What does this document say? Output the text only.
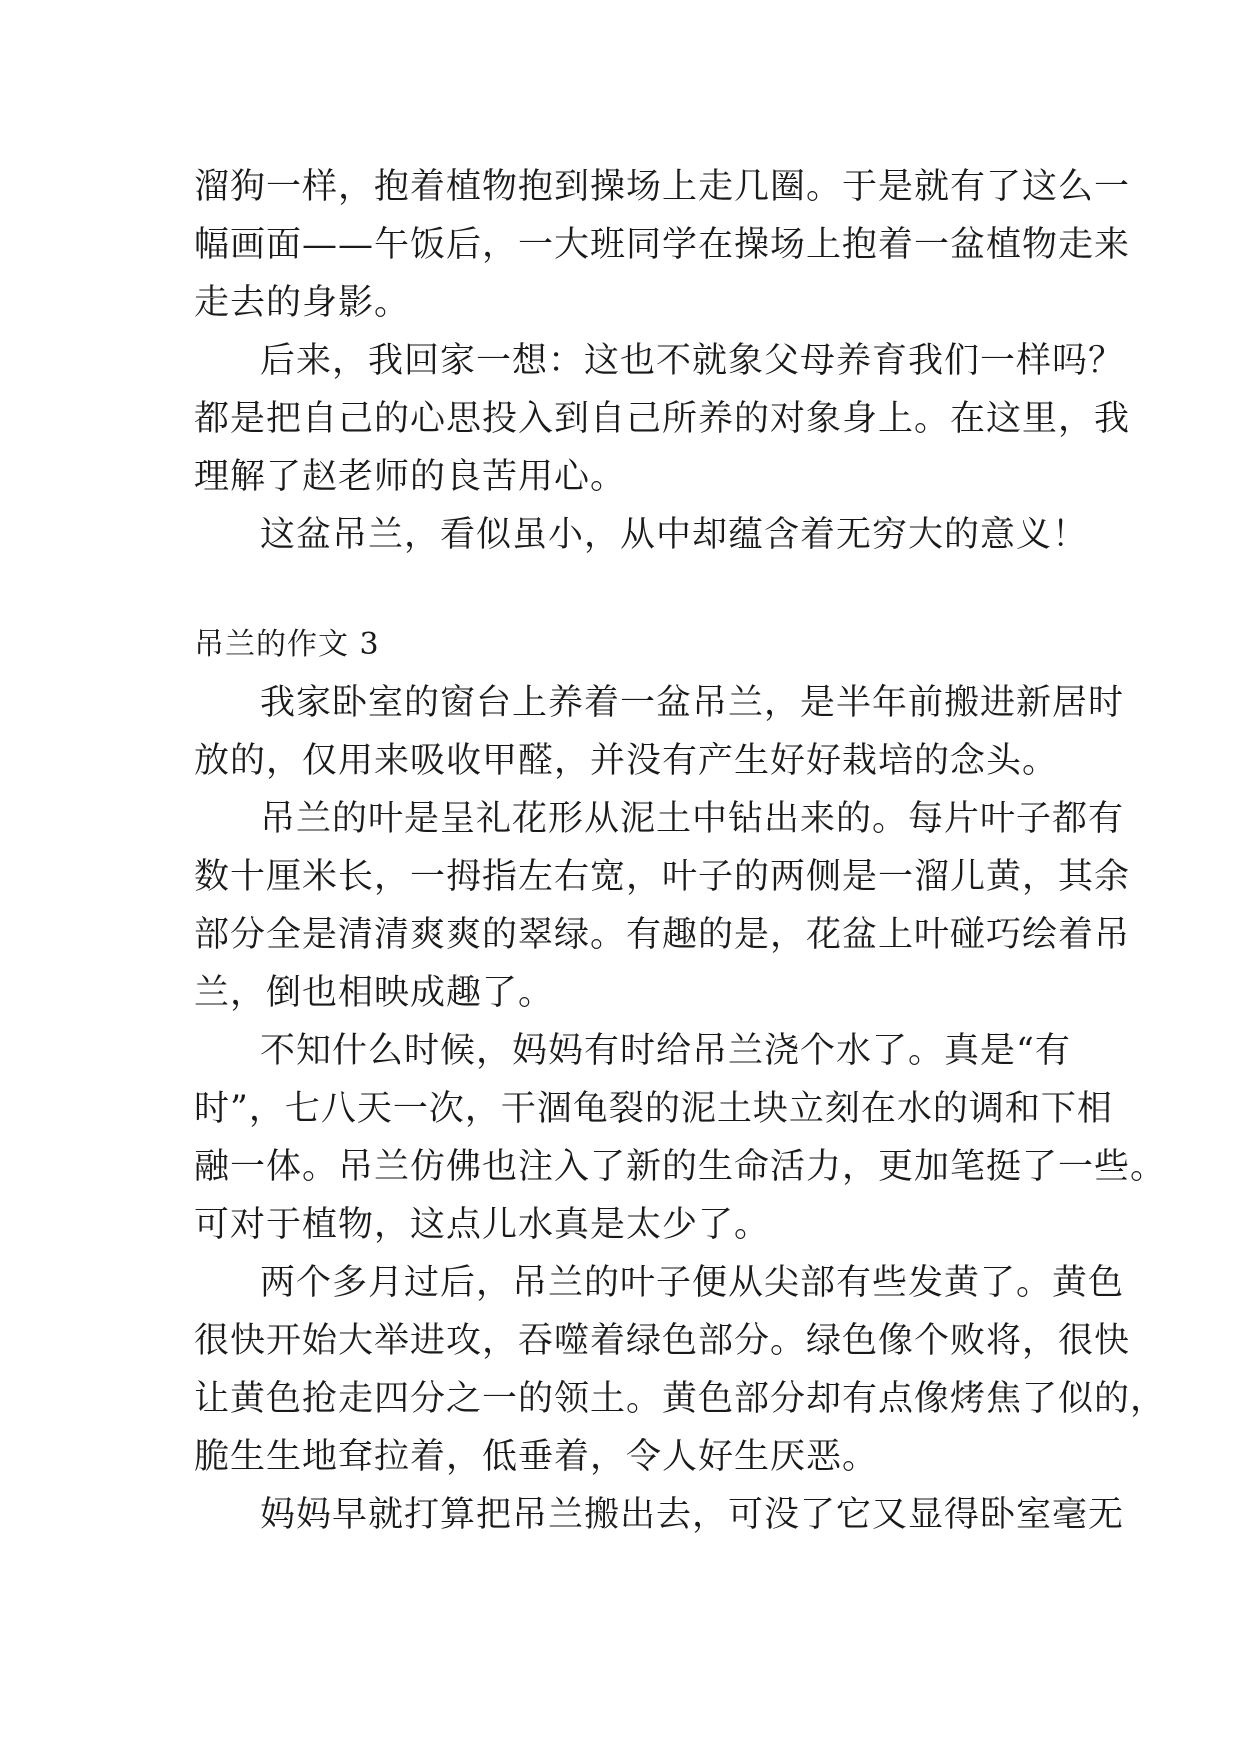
溜狗一样，抱着植物抱到操场上走几圈。于是就有了这么一
幅画面——午饭后，一大班同学在操场上抱着一盆植物走来
走去的身影。
后来，我回家一想：这也不就象父母养育我们一样吗？
都是把自己的心思投入到自己所养的对象身上。在这里，我
理解了赵老师的良苦用心。
这盆吊兰，看似虽小，从中却蕴含着无穷大的意义！
吊兰的作文 3
我家卧室的窗台上养着一盆吊兰，是半年前搬进新居时
放的，仅用来吸收甲醛，并没有产生好好栽培的念头。
吊兰的叶是呈礼花形从泥土中钻出来的。每片叶子都有
数十厘米长，一拇指左右宽，叶子的两侧是一溜儿黄，其余
部分全是清清爽爽的翠绿。有趣的是，花盆上叶碰巧绘着吊
兰，倒也相映成趣了。
不知什么时候，妈妈有时给吊兰浇个水了。真是“有
时”，七八天一次，干涸龟裂的泥土块立刻在水的调和下相
融一体。吊兰仿佛也注入了新的生命活力，更加笔挺了一些。
可对于植物，这点儿水真是太少了。
两个多月过后，吊兰的叶子便从尖部有些发黄了。黄色
很快开始大举进攻，吞噬着绿色部分。绿色像个败将，很快
让黄色抢走四分之一的领土。黄色部分却有点像烤焦了似的，
脆生生地耷拉着，低垂着，令人好生厌恶。
妈妈早就打算把吊兰搬出去，可没了它又显得卧室毫无
